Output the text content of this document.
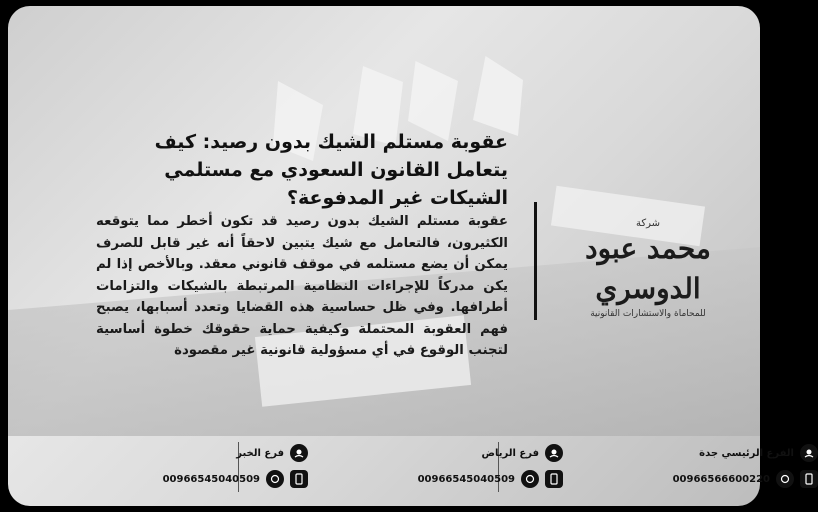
عقوبة مستلم الشيك بدون رصيد: كيف يتعامل القانون السعودي مع مستلمي الشيكات غير المدفوعة؟
عقوبة مستلم الشيك بدون رصيد قد تكون أخطر مما يتوقعه الكثيرون، فالتعامل مع شيك يتبين لاحقاً أنه غير قابل للصرف يمكن أن يضع مستلمه في موقف قانوني معقد. وبالأخص إذا لم يكن مدركاً للإجراءات النظامية المرتبطة بالشيكات والتزامات أطرافها. وفي ظل حساسية هذه القضايا وتعدد أسبابها، يصبح فهم العقوبة المحتملة وكيفية حماية حقوقك خطوة أساسية لتجنب الوقوع في أي مسؤولية قانونية غير مقصودة
شركة
محمد عبود الدوسري
للمحاماة والاستشارات القانونية
الفرع الرئيسي جدة
00966566600220
فرع الرياض
00966545040509
فرع الخبر
00966545040509
